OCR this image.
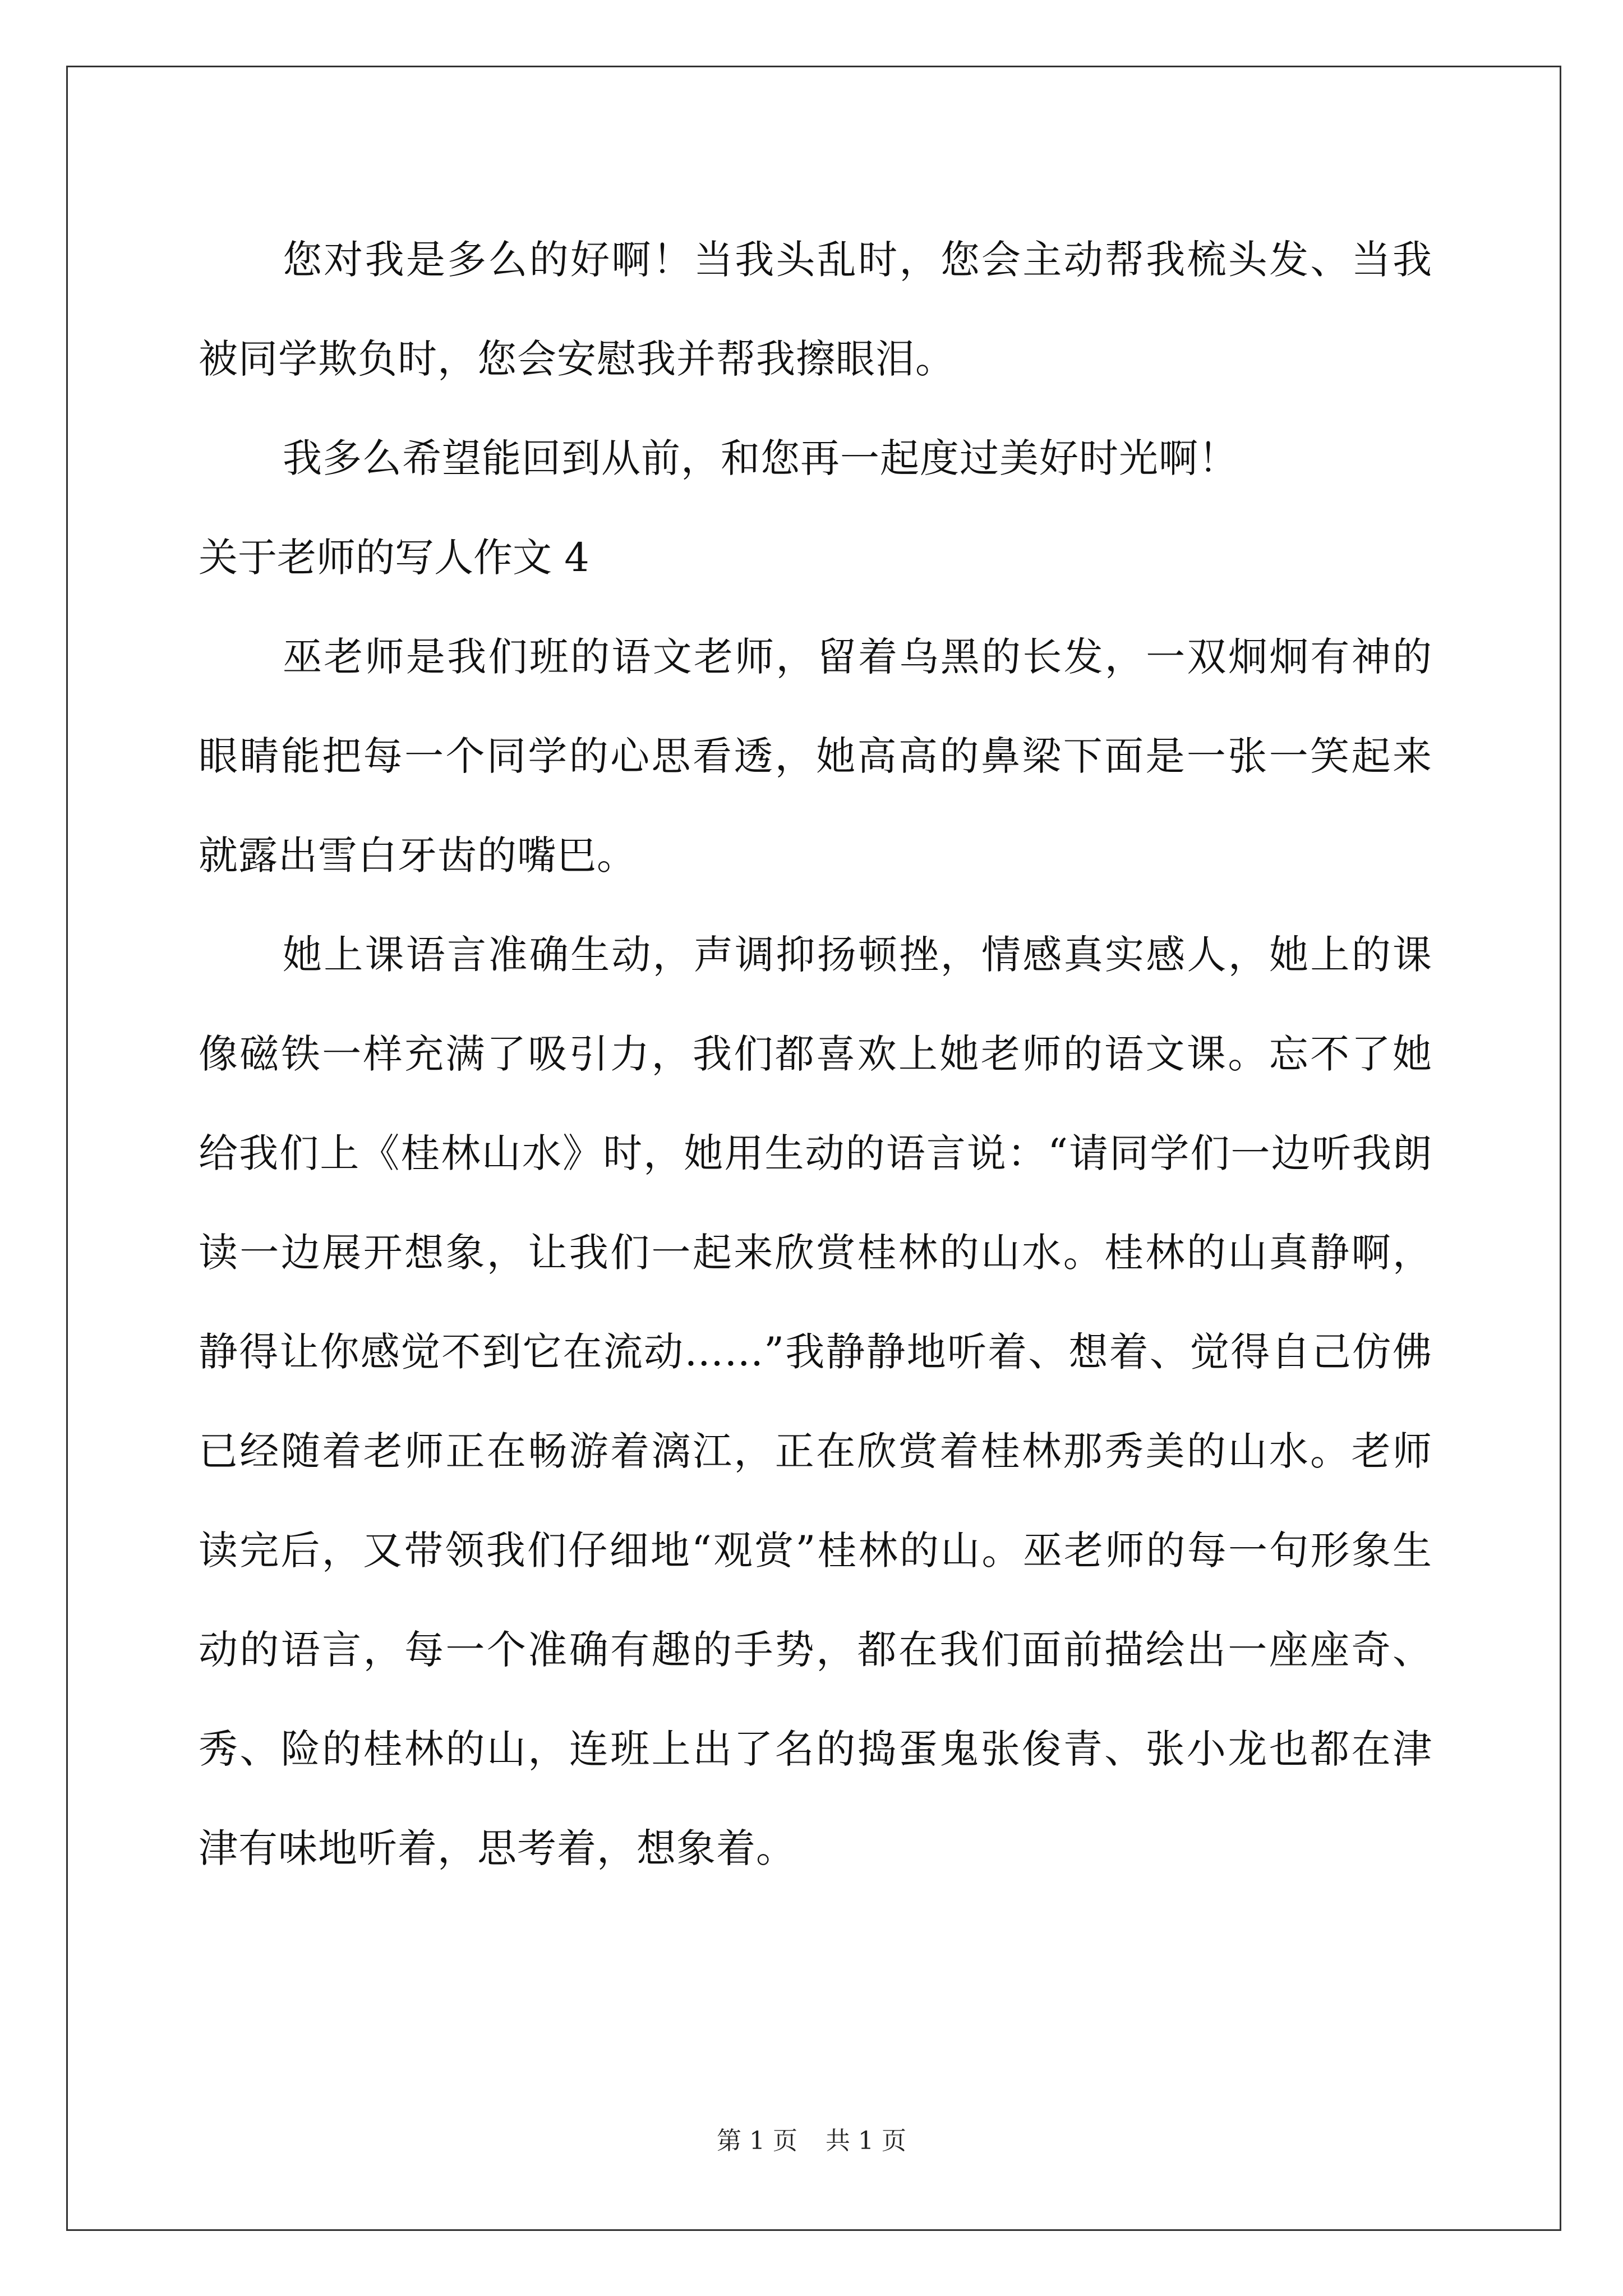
您对我是多么的好啊！当我头乱时，您会主动帮我梳头发、当我被同学欺负时，您会安慰我并帮我擦眼泪。

我多么希望能回到从前，和您再一起度过美好时光啊！

关于老师的写人作文 4

巫老师是我们班的语文老师，留着乌黑的长发，一双炯炯有神的眼睛能把每一个同学的心思看透，她高高的鼻梁下面是一张一笑起来就露出雪白牙齿的嘴巴。

她上课语言准确生动，声调抑扬顿挫，情感真实感人，她上的课像磁铁一样充满了吸引力，我们都喜欢上她老师的语文课。忘不了她给我们上《桂林山水》时，她用生动的语言说：“请同学们一边听我朗读一边展开想象，让我们一起来欣赏桂林的山水。桂林的山真静啊，静得让你感觉不到它在流动……”我静静地听着、想着、觉得自己仿佛已经随着老师正在畅游着漓江，正在欣赏着桂林那秀美的山水。老师读完后，又带领我们仔细地“观赏”桂林的山。巫老师的每一句形象生动的语言，每一个准确有趣的手势，都在我们面前描绘出一座座奇、秀、险的桂林的山，连班上出了名的捣蛋鬼张俊青、张小龙也都在津津有味地听着，思考着，想象着。

第 1 页 共 1 页
